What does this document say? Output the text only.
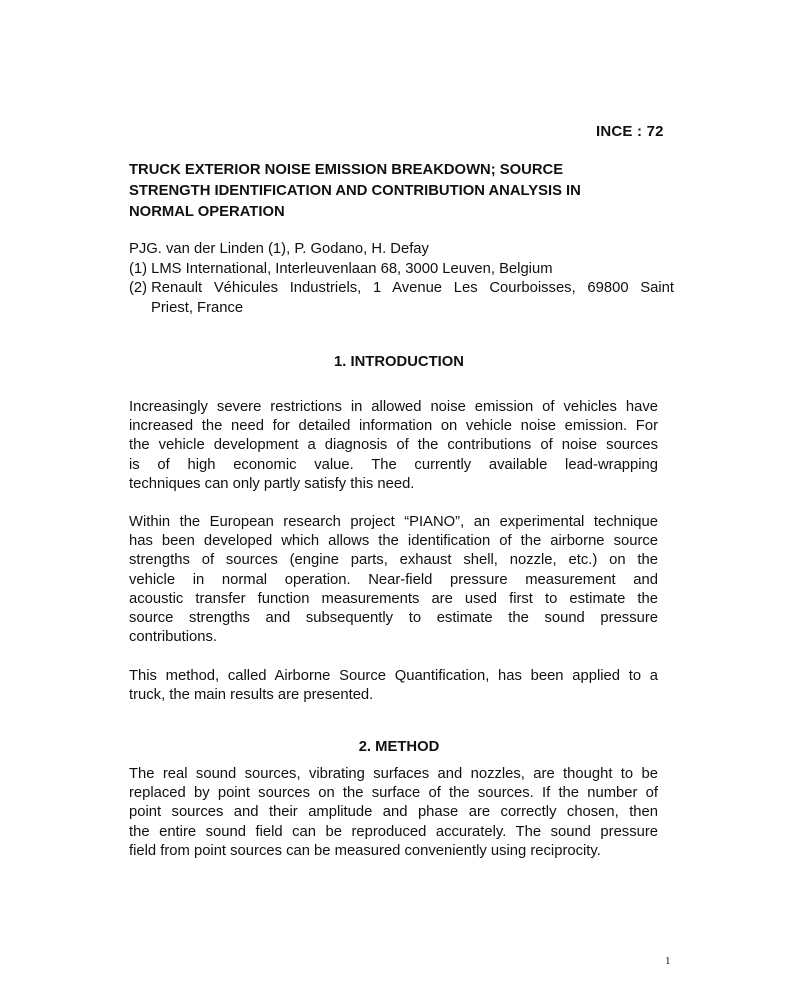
INCE : 72
TRUCK EXTERIOR NOISE EMISSION BREAKDOWN; SOURCE
STRENGTH IDENTIFICATION AND CONTRIBUTION ANALYSIS IN
NORMAL OPERATION
PJG. van der Linden (1), P. Godano, H. Defay
(1) LMS International, Interleuvenlaan 68, 3000 Leuven, Belgium
(2) Renault Véhicules Industriels, 1 Avenue Les Courboisses, 69800 Saint
Priest, France
1. INTRODUCTION
Increasingly severe restrictions in allowed noise emission of vehicles have
increased the need for detailed information on vehicle noise emission. For
the vehicle development a diagnosis of the contributions of noise sources
is of high economic value. The currently available lead-wrapping
techniques can only partly satisfy this need.
Within the European research project “PIANO”, an experimental technique
has been developed which allows the identification of the airborne source
strengths of sources (engine parts, exhaust shell, nozzle, etc.) on the
vehicle in normal operation. Near-field pressure measurement and
acoustic transfer function measurements are used first to estimate the
source strengths and subsequently to estimate the sound pressure
contributions.
This method, called Airborne Source Quantification, has been applied to a
truck, the main results are presented.
2. METHOD
The real sound sources, vibrating surfaces and nozzles, are thought to be
replaced by point sources on the surface of the sources. If the number of
point sources and their amplitude and phase are correctly chosen, then
the entire sound field can be reproduced accurately. The sound pressure
field from point sources can be measured conveniently using reciprocity.
1
